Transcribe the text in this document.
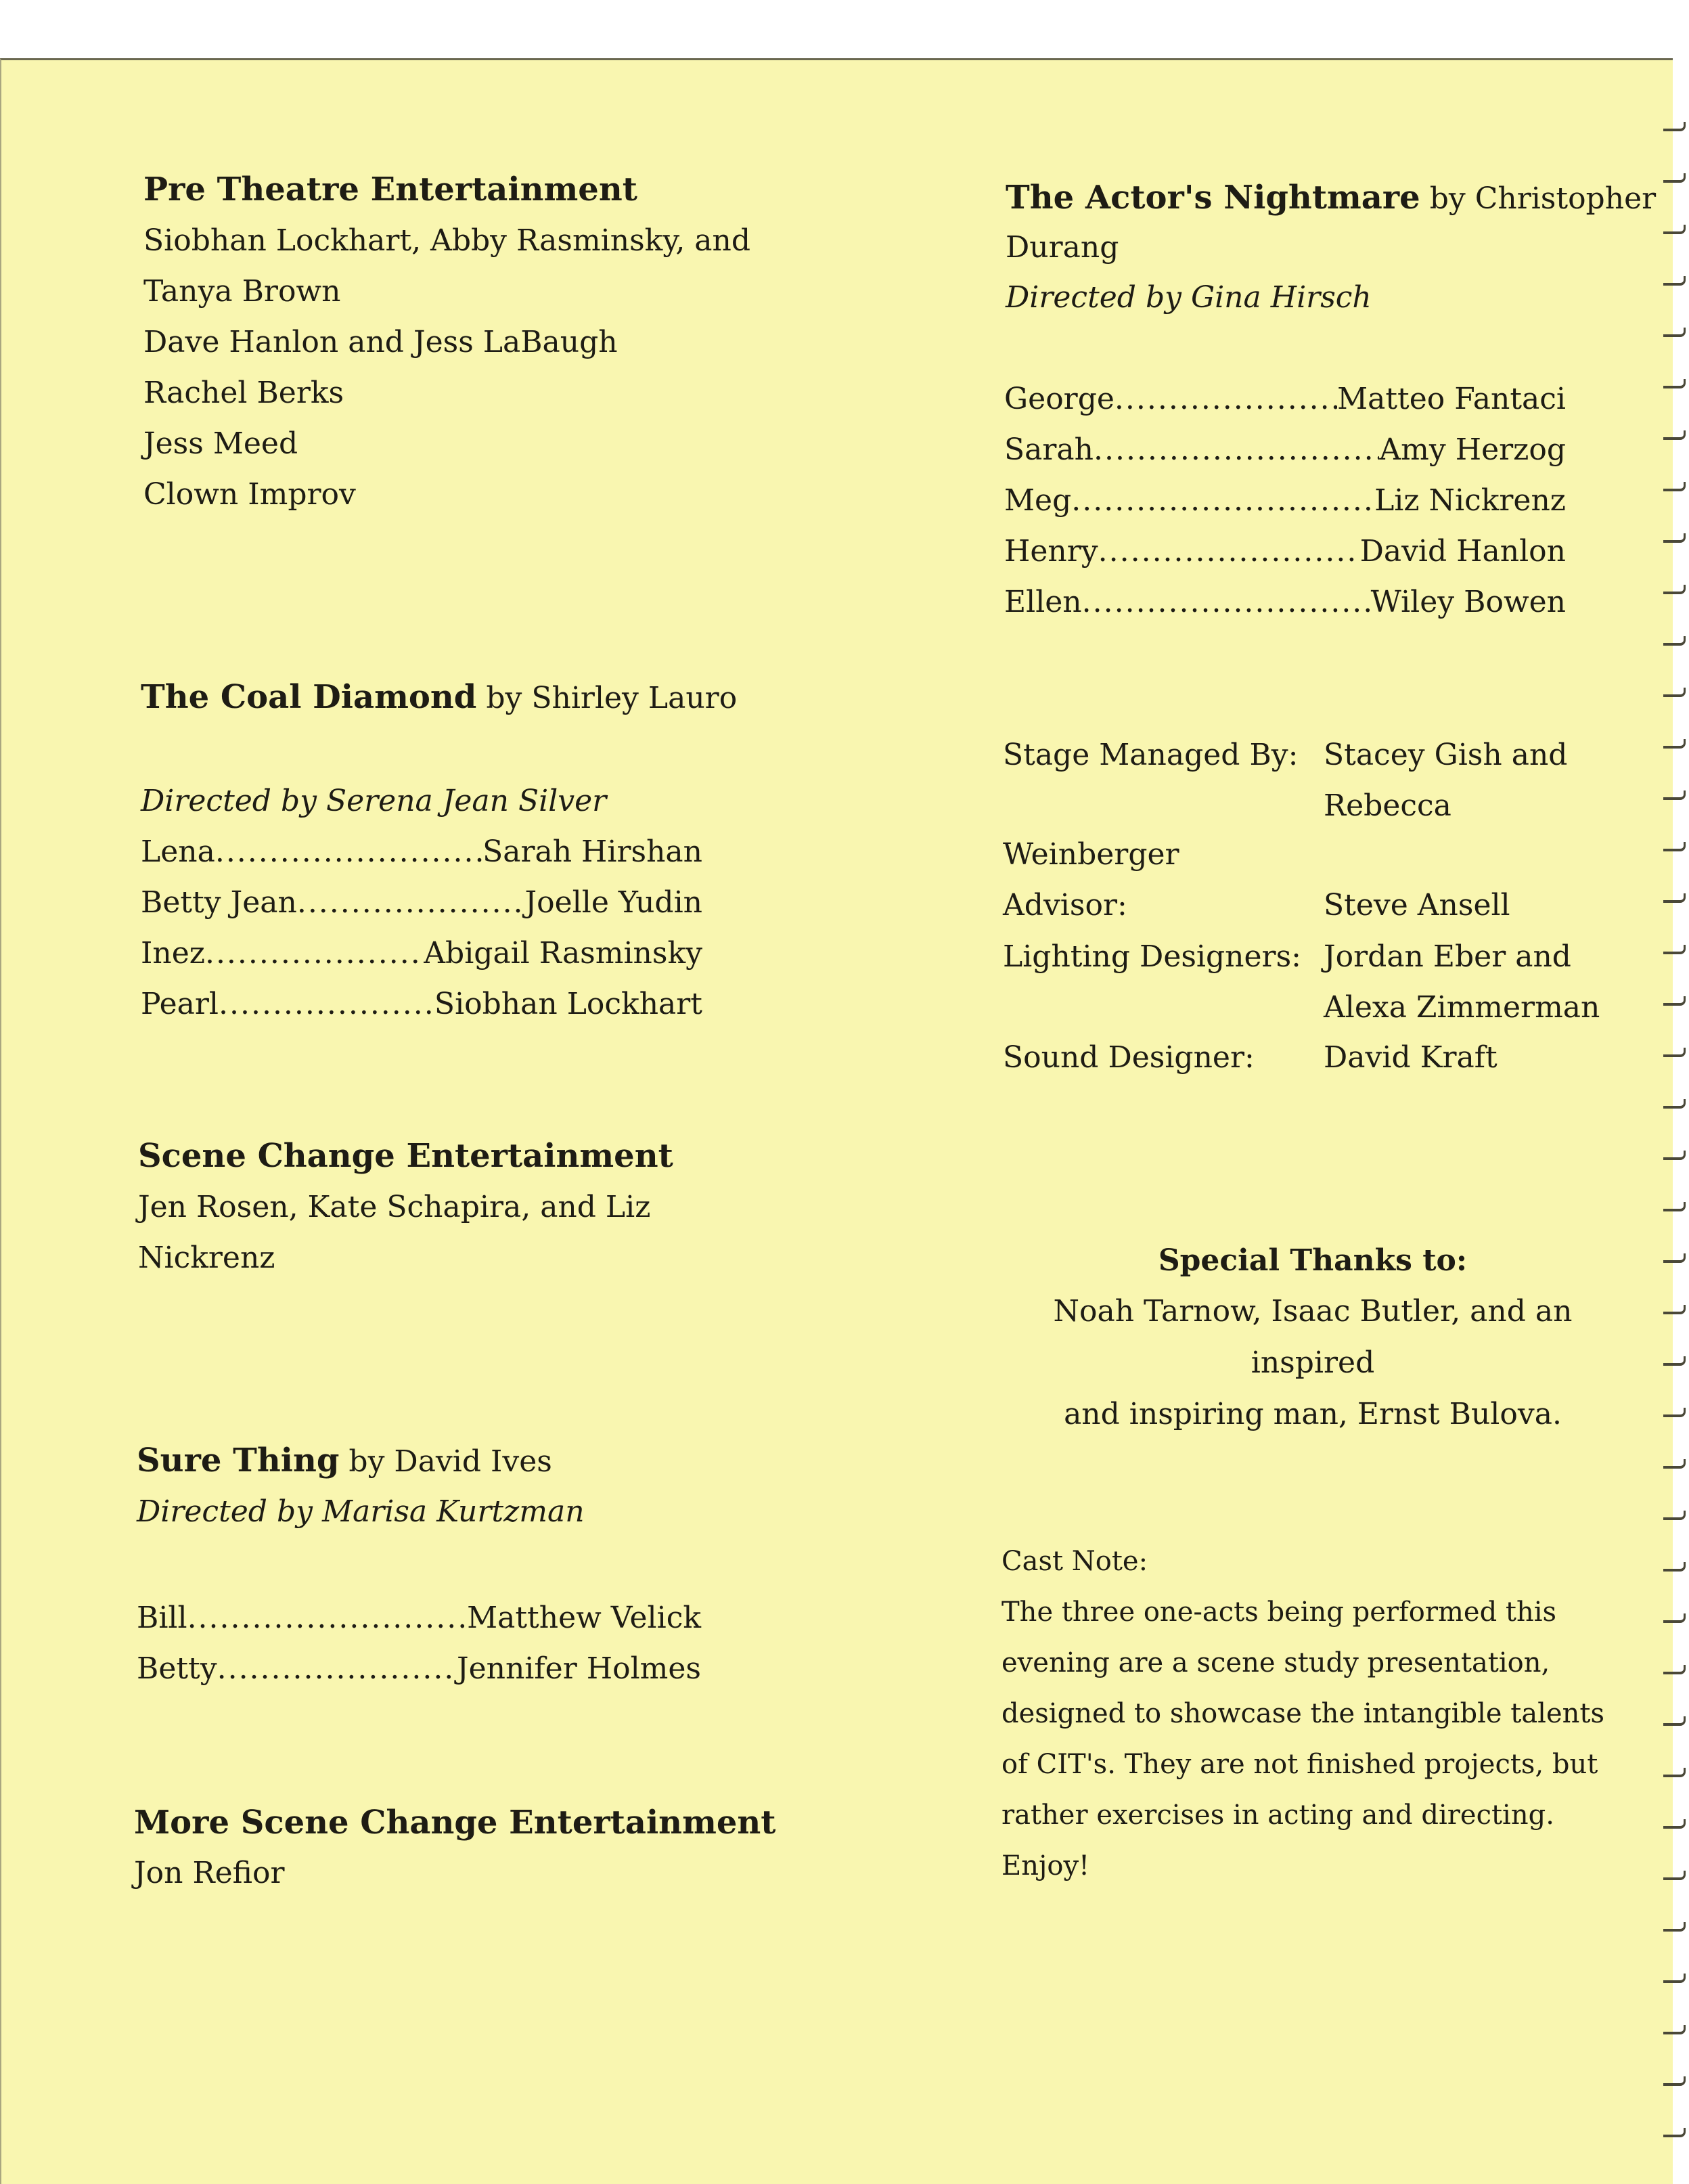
Pre Theatre Entertainment
Siobhan Lockhart, Abby Rasminsky, and
Tanya Brown
Dave Hanlon and Jess LaBaugh
Rachel Berks
Jess Meed
Clown Improv
The Coal Diamond by Shirley Lauro
Directed by Serena Jean Silver
Lena .....	Sarah Hirshan
Betty Jean .....	Joelle Yudin
Inez .....	Abigail Rasminsky
Pearl .....	Siobhan Lockhart
Scene Change Entertainment
Jen Rosen, Kate Schapira, and Liz
Nickrenz
Sure Thing by David Ives
Directed by Marisa Kurtzman
Bill .....	Matthew Velick
Betty .....	Jennifer Holmes
More Scene Change Entertainment
Jon Refior
The Actor's Nightmare by Christopher
Durang
Directed by Gina Hirsch
George .....	Matteo Fantaci
Sarah .....	Amy Herzog
Meg .....	Liz Nickrenz
Henry .....	David Hanlon
Ellen .....	Wiley Bowen
Stage Managed By: Stacey Gish and
Rebecca
Weinberger
Advisor:	Steve Ansell
Lighting Designers: Jordan Eber and
Alexa Zimmerman
Sound Designer: David Kraft
Special Thanks to:
Noah Tarnow, Isaac Butler, and an
inspired
and inspiring man, Ernst Bulova.
Cast Note:
The three one-acts being performed this
evening are a scene study presentation,
designed to showcase the intangible talents
of CIT's. They are not finished projects, but
rather exercises in acting and directing.
Enjoy!
